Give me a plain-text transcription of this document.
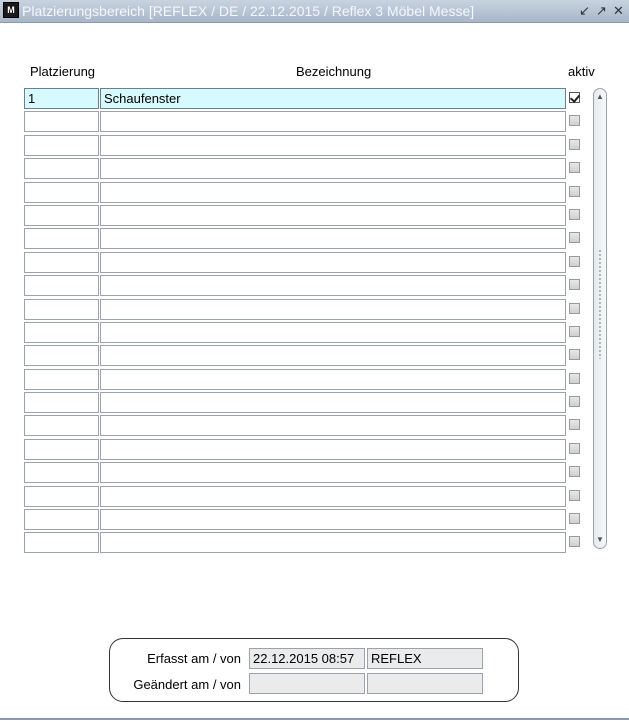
M Platzierungsbereich [REFLEX / DE / 22.12.2015 / Reflex 3 Möbel Messe]	↙ ↗ ✕
Platzierung	Bezeichnung	aktiv
1	Schaufenster	▲
▼
Erfasst am / von 22.12.2015 08:57	REFLEX
Geändert am / von
